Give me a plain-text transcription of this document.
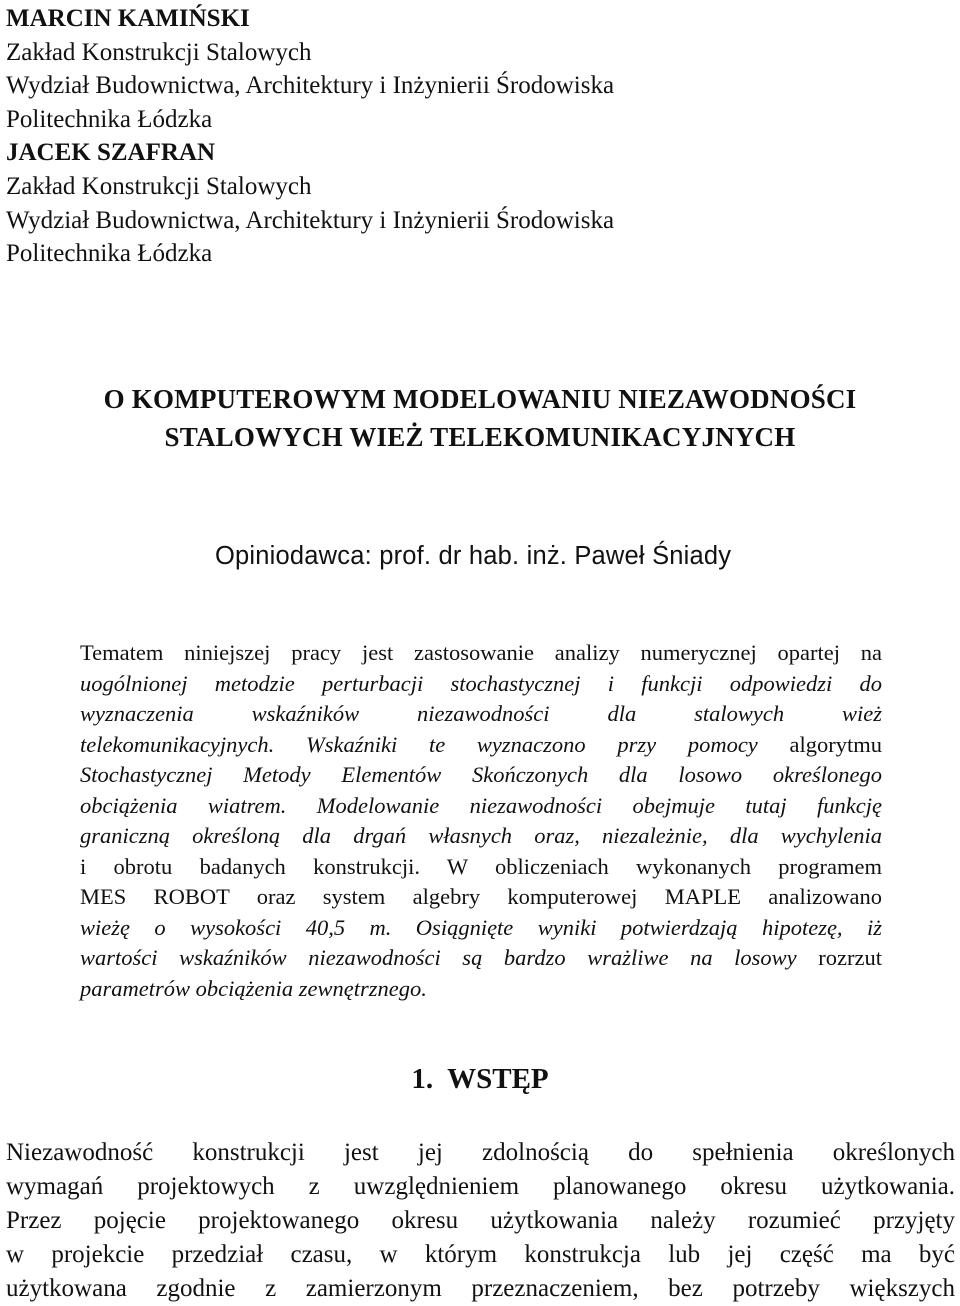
MARCIN KAMIŃSKI
Zakład Konstrukcji Stalowych
Wydział Budownictwa, Architektury i Inżynierii Środowiska
Politechnika Łódzka
JACEK SZAFRAN
Zakład Konstrukcji Stalowych
Wydział Budownictwa, Architektury i Inżynierii Środowiska
Politechnika Łódzka
O KOMPUTEROWYM MODELOWANIU NIEZAWODNOŚCI
STALOWYCH WIEŻ TELEKOMUNIKACYJNYCH
Opiniodawca: prof. dr hab. inż. Paweł Śniady
Tematem niniejszej pracy jest zastosowanie analizy numerycznej opartej na
uogólnionej metodzie perturbacji stochastycznej i funkcji odpowiedzi do
wyznaczenia wskaźników niezawodności dla stalowych wież
telekomunikacyjnych. Wskaźniki te wyznaczono przy pomocy algorytmu
Stochastycznej Metody Elementów Skończonych dla losowo określonego
obciążenia wiatrem. Modelowanie niezawodności obejmuje tutaj funkcję
graniczną określoną dla drgań własnych oraz, niezależnie, dla wychylenia
i obrotu badanych konstrukcji. W obliczeniach wykonanych programem
MES ROBOT oraz system algebry komputerowej MAPLE analizowano
wieżę o wysokości 40,5 m. Osiągnięte wyniki potwierdzają hipotezę, iż
wartości wskaźników niezawodności są bardzo wrażliwe na losowy rozrzut
parametrów obciążenia zewnętrznego.
1. WSTĘP
Niezawodność konstrukcji jest jej zdolnością do spełnienia określonych
wymagań projektowych z uwzględnieniem planowanego okresu użytkowania.
Przez pojęcie projektowanego okresu użytkowania należy rozumieć przyjęty
w projekcie przedział czasu, w którym konstrukcja lub jej część ma być
użytkowana zgodnie z zamierzonym przeznaczeniem, bez potrzeby większych
